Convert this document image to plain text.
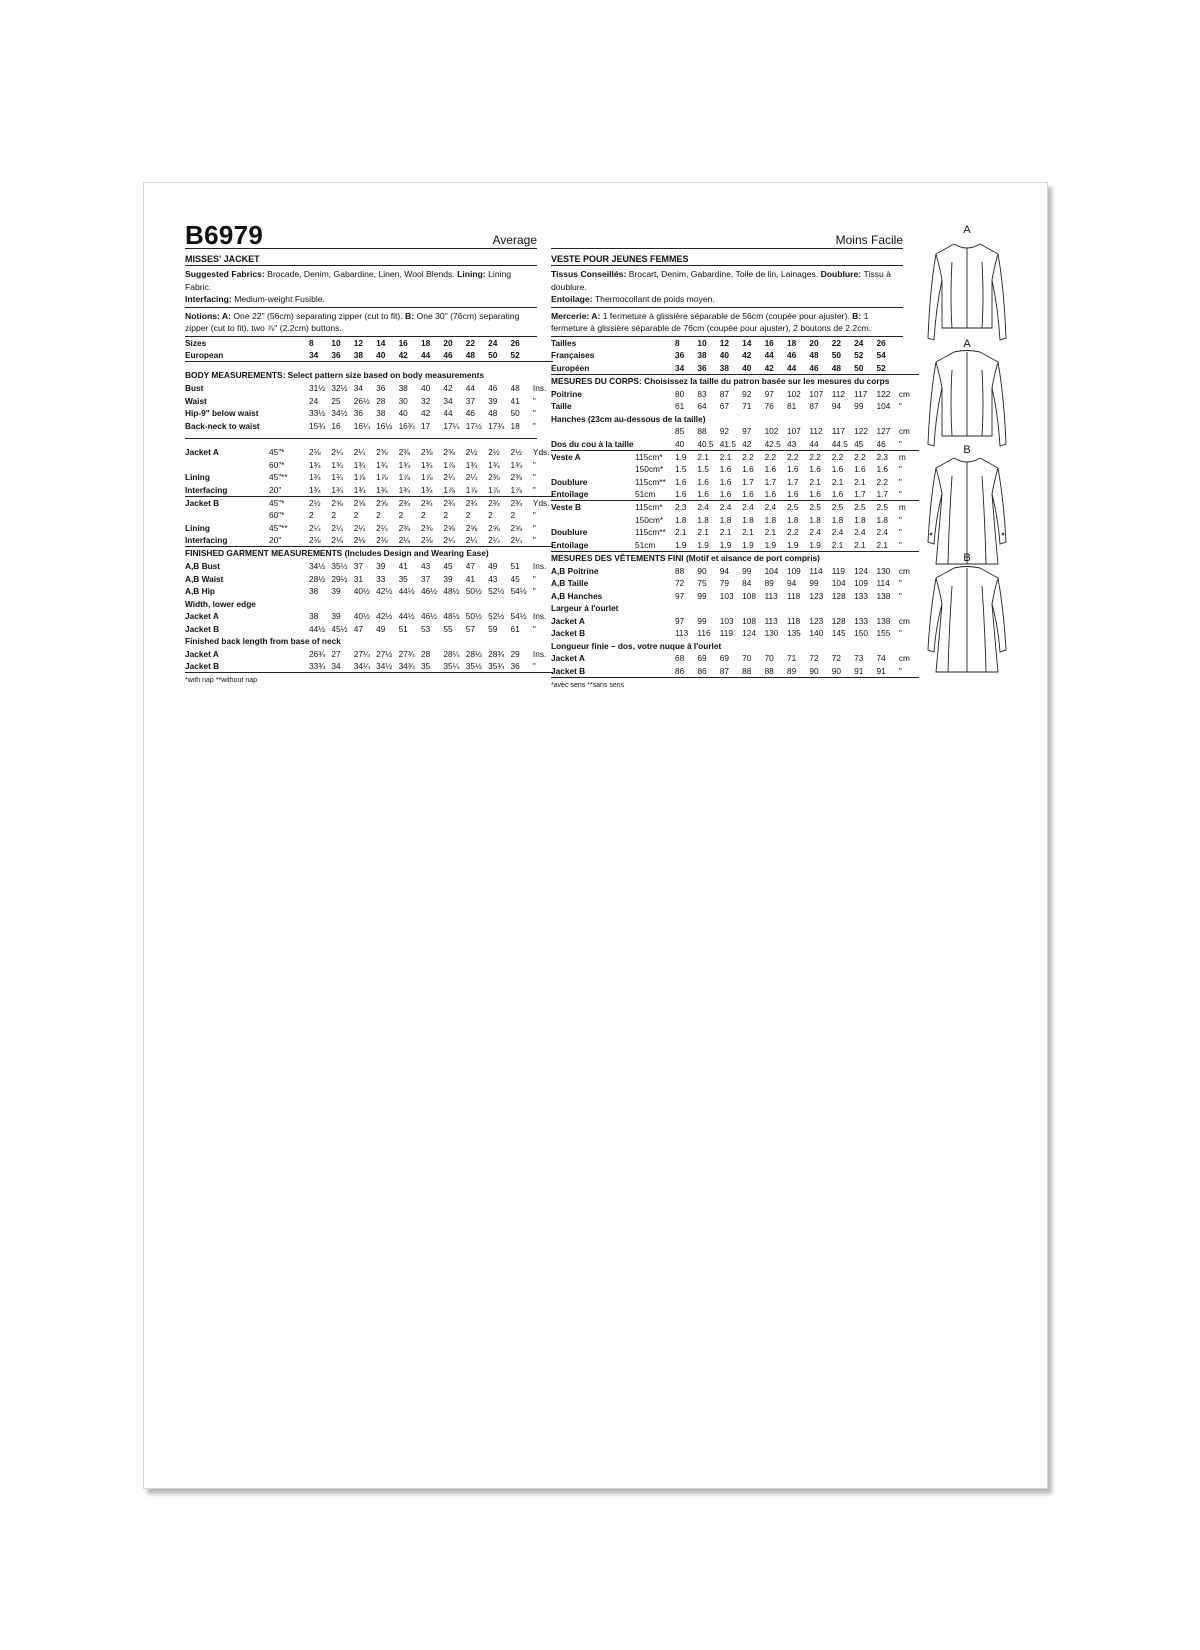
B6979	Average
MISSES' JACKET
Suggested Fabrics: Brocade, Denim, Gabardine, Linen, Wool Blends. Lining: Lining Fabric.
Interfacing: Medium-weight Fusible.
Notions: A: One 22" (56cm) separating zipper (cut to fit). B: One 30" (76cm) separating zipper (cut to fit), two ⅞" (2.2cm) buttons.
Sizes		8	10	12	14	16	18	20	22	24	26	
European		34	36	38	40	42	44	46	48	50	52	
BODY MEASUREMENTS: Select pattern size based on body measurements
Bust		31½	32½	34	36	38	40	42	44	46	48	Ins.
Waist		24	25	26½	28	30	32	34	37	39	41	"
Hip-9" below waist		33½	34½	36	38	40	42	44	46	48	50	"
Back-neck to waist		15¾	16	16¼	16½	16¾	17	17¼	17½	17¾	18	"
Jacket A	45"*	2⅛	2¼	2¼	2⅜	2⅜	2⅜	2⅜	2½	2½	2½	Yds.
	60"*	1¾	1¾	1¾	1¾	1¾	1¾	1⅞	1¾	1¾	1¾	"
Lining	45"**	1¾	1¾	1⅞	1⅞	1⅞	1⅞	2¼	2¼	2⅜	2⅜	"
Interfacing	20"	1¾	1¾	1¾	1¾	1¾	1¾	1⅞	1⅞	1⅞	1⅞	"
Jacket B	45"*	2½	2⅝	2⅝	2⅝	2¾	2¾	2¾	2¾	2¾	2¾	Yds.
	60"*	2	2	2	2	2	2	2	2	2	2	"
Lining	45"**	2¼	2¼	2¼	2¼	2⅜	2⅜	2⅝	2⅝	2⅝	2⅝	"
Interfacing	20"	2⅛	2⅛	2⅛	2⅛	2⅛	2⅛	2¼	2¼	2¼	2¼	"
FINISHED GARMENT MEASUREMENTS (Includes Design and Wearing Ease)
A,B Bust		34½	35½	37	39	41	43	45	47	49	51	Ins.
A,B Waist		28½	29½	31	33	35	37	39	41	43	45	"
A,B Hip		38	39	40½	42½	44½	46½	48½	50½	52½	54½	"
Width, lower edge
Jacket A		38	39	40½	42½	44½	46½	48½	50½	52½	54½	Ins.
Jacket B		44½	45½	47	49	51	53	55	57	59	61	"
Finished back length from base of neck
Jacket A		26¾	27	27¼	27½	27¾	28	28¼	28½	28¾	29	Ins.
Jacket B		33¾	34	34¼	34½	34¾	35	35¼	35½	35¾	36	"
*with nap **without nap
Moins Facile
VESTE POUR JEUNES FEMMES
Tissus Conseillés: Brocart, Denim, Gabardine, Toile de lin, Lainages. Doublure: Tissu à doublure.
Entoilage: Thermocollant de poids moyen.
Mercerie: A: 1 fermeture à glissière séparable de 56cm (coupée pour ajuster). B: 1 fermeture à glissière séparable de 76cm (coupée pour ajuster), 2 boutons de 2.2cm.
Tailles		8	10	12	14	16	18	20	22	24	26	
Françaises		36	38	40	42	44	46	48	50	52	54	
Européen		34	36	38	40	42	44	46	48	50	52	
MESURES DU CORPS: Choisissez la taille du patron basée sur les mesures du corps
Poitrine		80	83	87	92	97	102	107	112	117	122	cm
Taille		61	64	67	71	76	81	87	94	99	104	"
Hanches (23cm au-dessous de la taille)
		85	88	92	97	102	107	112	117	122	127	cm
Dos du cou à la taille		40	40.5	41.5	42	42.5	43	44	44.5	45	46	"
Veste A	115cm*	1.9	2.1	2.1	2.2	2.2	2.2	2.2	2.2	2.2	2.3	m
	150cm*	1.5	1.5	1.6	1.6	1.6	1.6	1.6	1.6	1.6	1.6	"
Doublure	115cm**	1.6	1.6	1.6	1.7	1.7	1.7	2.1	2.1	2.1	2.2	"
Entoilage	51cm	1.6	1.6	1.6	1.6	1.6	1.6	1.6	1.6	1.7	1.7	"
Veste B	115cm*	2.3	2.4	2.4	2.4	2.4	2.5	2.5	2.5	2.5	2.5	m
	150cm*	1.8	1.8	1.8	1.8	1.8	1.8	1.8	1.8	1.8	1.8	"
Doublure	115cm**	2.1	2.1	2.1	2.1	2.1	2.2	2.4	2.4	2.4	2.4	"
Entoilage	51cm	1.9	1.9	1.9	1.9	1.9	1.9	1.9	2.1	2.1	2.1	"
MESURES DES VÊTEMENTS FINI (Motif et aisance de port compris)
A,B Poitrine		88	90	94	99	104	109	114	119	124	130	cm
A,B Taille		72	75	79	84	89	94	99	104	109	114	"
A,B Hanches		97	99	103	108	113	118	123	128	133	138	"
Largeur à l'ourlet
Jacket A		97	99	103	108	113	118	123	128	133	138	cm
Jacket B		113	116	119	124	130	135	140	145	150	155	"
Longueur finie – dos, votre nuque à l'ourlet
Jacket A		68	69	69	70	70	71	72	72	73	74	cm
Jacket B		86	86	87	88	88	89	90	90	91	91	"
*avec sens **sans sens
A
A
B
B
